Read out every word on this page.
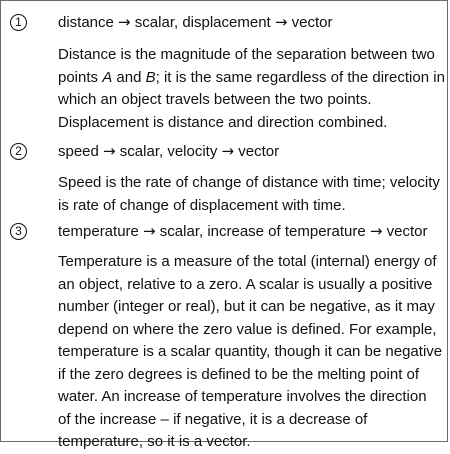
1	distance → scalar, displacement → vector
Distance is the magnitude of the separation between two
points A and B; it is the same regardless of the direction in
which an object travels between the two points.
Displacement is distance and direction combined.
2	speed → scalar, velocity → vector
Speed is the rate of change of distance with time; velocity
is rate of change of displacement with time.
3	temperature → scalar, increase of temperature → vector
Temperature is a measure of the total (internal) energy of
an object, relative to a zero. A scalar is usually a positive
number (integer or real), but it can be negative, as it may
depend on where the zero value is defined. For example,
temperature is a scalar quantity, though it can be negative
if the zero degrees is defined to be the melting point of
water. An increase of temperature involves the direction
of the increase – if negative, it is a decrease of
temperature, so it is a vector.
